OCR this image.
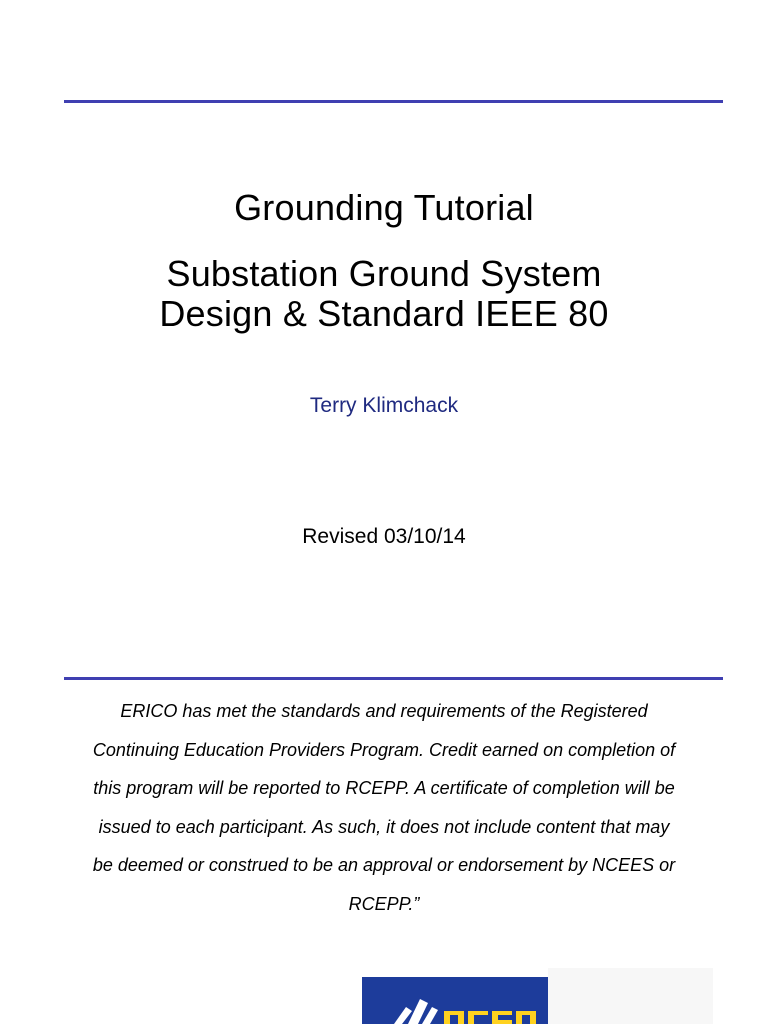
Grounding Tutorial
Substation Ground System
Design & Standard IEEE 80
Terry Klimchack
Revised 03/10/14
ERICO has met the standards and requirements of the Registered
Continuing Education Providers Program. Credit earned on completion of
this program will be reported to RCEPP. A certificate of completion will be
issued to each participant. As such, it does not include content that may
be deemed or construed to be an approval or endorsement by NCEES or
RCEPP.”
